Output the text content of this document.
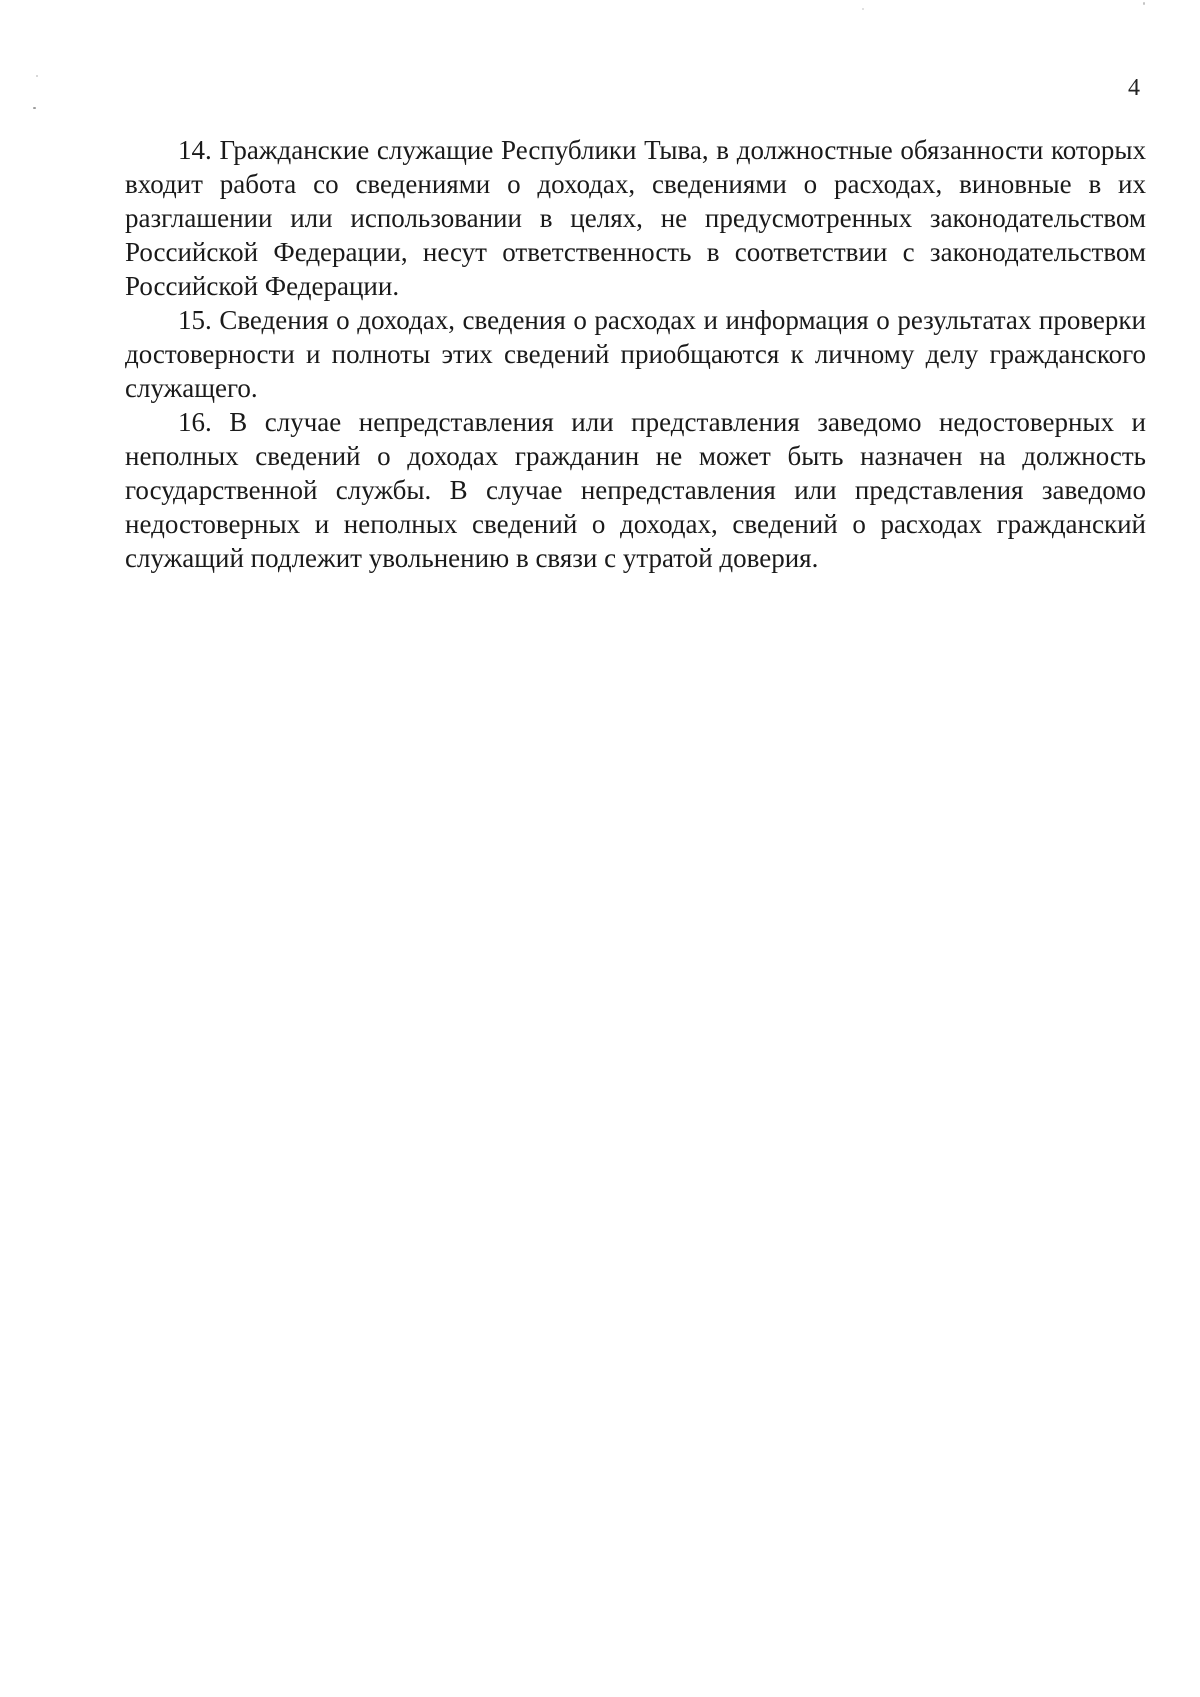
4

14. Гражданские служащие Республики Тыва, в должностные обязанности которых входит работа со сведениями о доходах, сведениями о расходах, виновные в их разглашении или использовании в целях, не предусмотренных законодательством Российской Федерации, несут ответственность в соответствии с законодательством Российской Федерации.

15. Сведения о доходах, сведения о расходах и информация о результатах проверки достоверности и полноты этих сведений приобщаются к личному делу гражданского служащего.

16. В случае непредставления или представления заведомо недостоверных и неполных сведений о доходах гражданин не может быть назначен на должность государственной службы. В случае непредставления или представления заведомо недостоверных и неполных сведений о доходах, сведений о расходах гражданский служащий подлежит увольнению в связи с утратой доверия.
